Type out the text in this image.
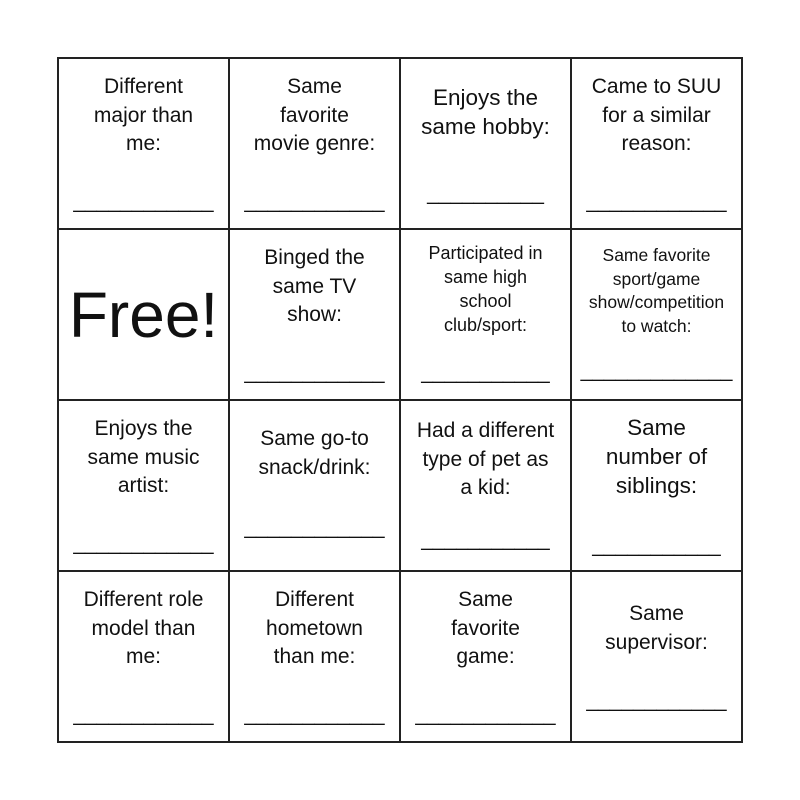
Different
major than
me:
____________
Same
favorite
movie genre:
____________
Enjoys the
same hobby:
__________
Came to SUU
for a similar
reason:
____________
Free!
Binged the
same TV
show:
____________
Participated in
same high
school
club/sport:
___________
Same favorite
sport/game
show/competition
to watch:
_____________
Enjoys the
same music
artist:
____________
Same go-to
snack/drink:
____________
Had a different
type of pet as
a kid:
___________
Same
number of
siblings:
___________
Different role
model than
me:
____________
Different
hometown
than me:
____________
Same
favorite
game:
____________
Same
supervisor:
____________
